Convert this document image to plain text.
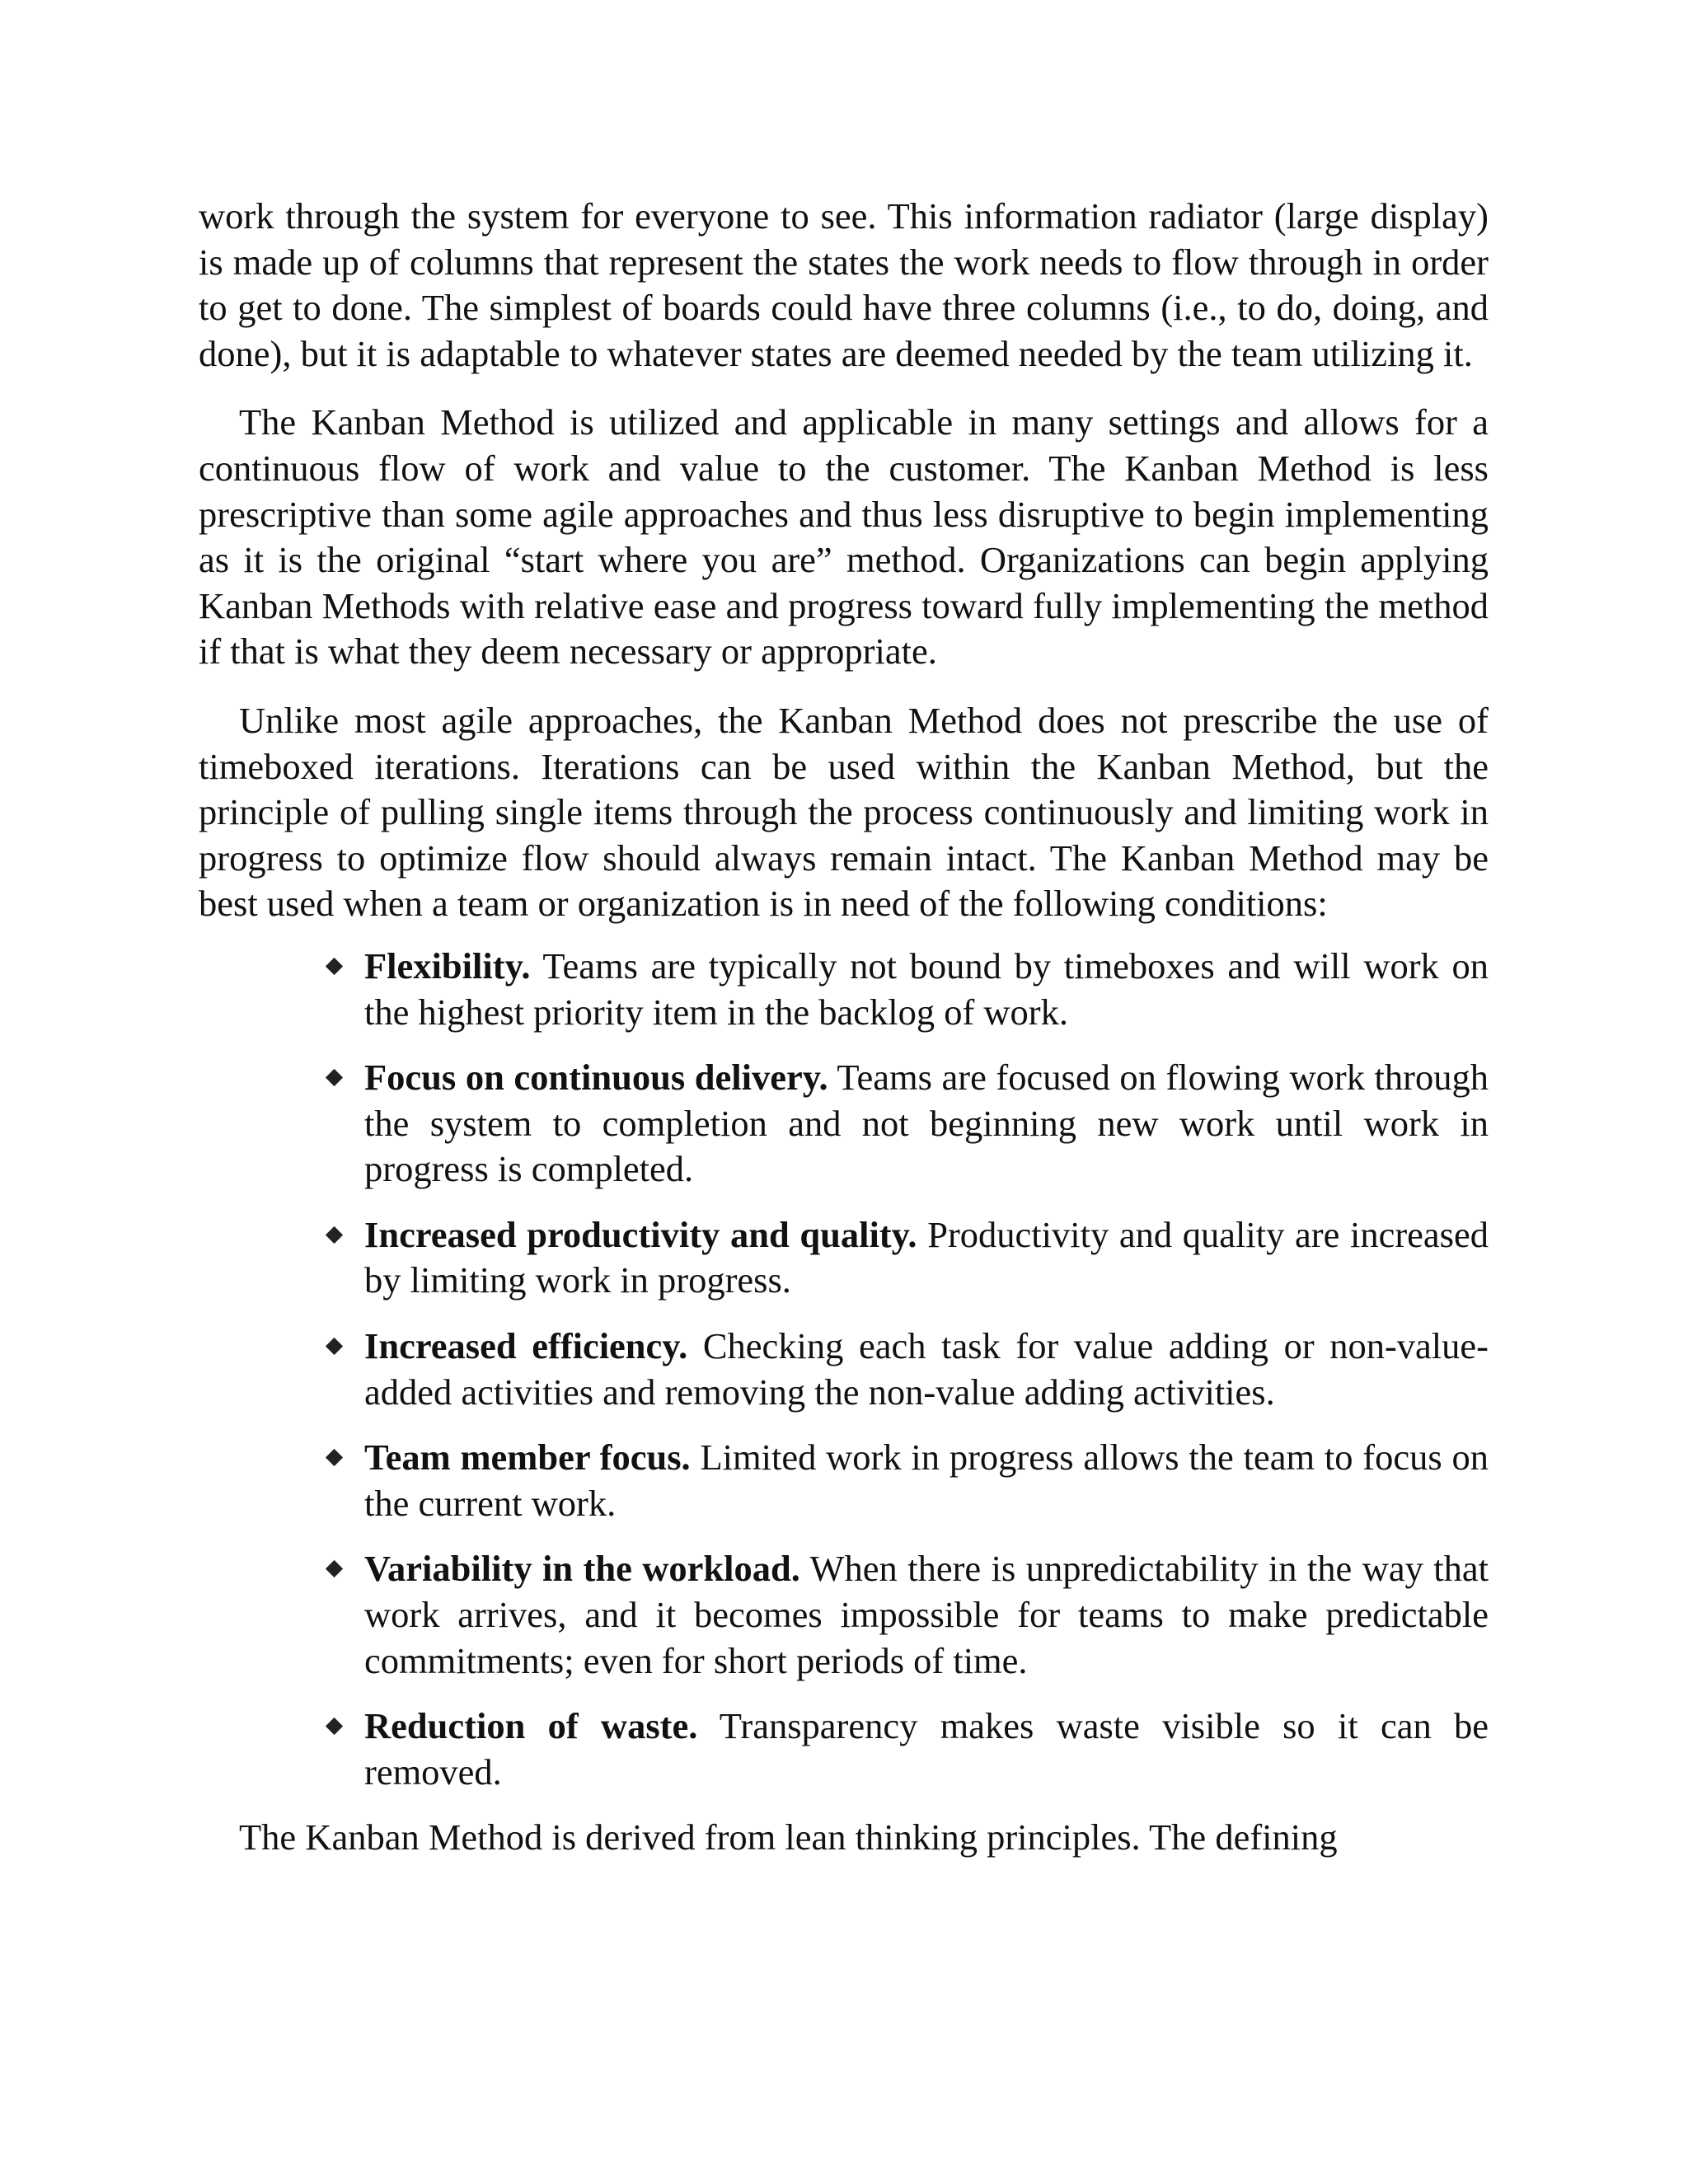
work through the system for everyone to see. This information radiator (large display) is made up of columns that represent the states the work needs to flow through in order to get to done. The simplest of boards could have three columns (i.e., to do, doing, and done), but it is adaptable to whatever states are deemed needed by the team utilizing it.

The Kanban Method is utilized and applicable in many settings and allows for a continuous flow of work and value to the customer. The Kanban Method is less prescriptive than some agile approaches and thus less disruptive to begin implementing as it is the original “start where you are” method. Organizations can begin applying Kanban Methods with relative ease and progress toward fully implementing the method if that is what they deem necessary or appropriate.

Unlike most agile approaches, the Kanban Method does not prescribe the use of timeboxed iterations. Iterations can be used within the Kanban Method, but the principle of pulling single items through the process continuously and limiting work in progress to optimize flow should always remain intact. The Kanban Method may be best used when a team or organization is in need of the following conditions:

Flexibility. Teams are typically not bound by timeboxes and will work on the highest priority item in the backlog of work.
Focus on continuous delivery. Teams are focused on flowing work through the system to completion and not beginning new work until work in progress is completed.
Increased productivity and quality. Productivity and quality are increased by limiting work in progress.
Increased efficiency. Checking each task for value adding or non-value-added activities and removing the non-value adding activities.
Team member focus. Limited work in progress allows the team to focus on the current work.
Variability in the workload. When there is unpredictability in the way that work arrives, and it becomes impossible for teams to make predictable commitments; even for short periods of time.
Reduction of waste. Transparency makes waste visible so it can be removed.

The Kanban Method is derived from lean thinking principles. The defining
